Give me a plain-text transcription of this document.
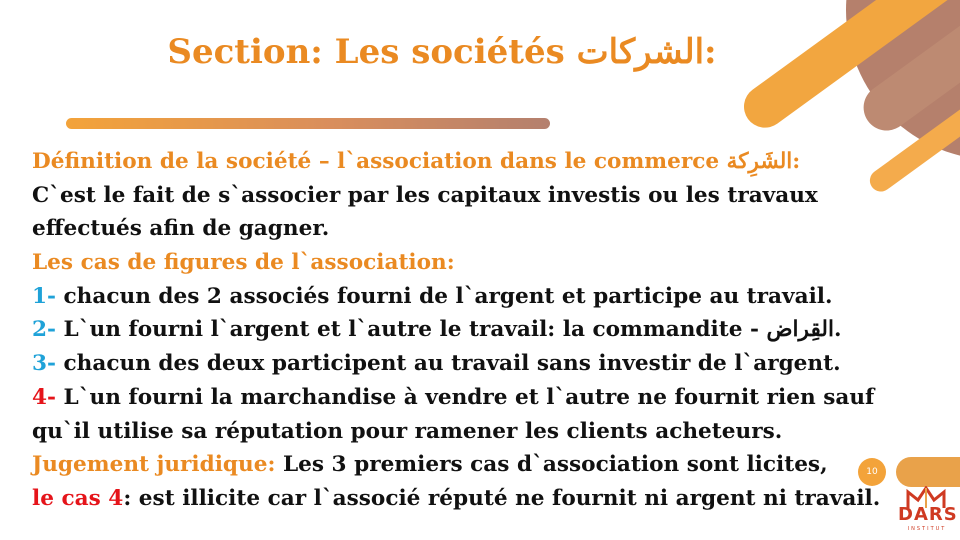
Section: Les sociétés الشركات:
Définition de la société – l`association dans le commerce الشَرِكة:
C`est le fait de s`associer par les capitaux investis ou les travaux
effectués afin de gagner.
Les cas de figures de l`association:
1- chacun des 2 associés fourni de l`argent et participe au travail.
2- L`un fourni l`argent et l`autre le travail: la commandite - القِراض.
3- chacun des deux participent au travail sans investir de l`argent.
4- L`un fourni la marchandise à vendre et l`autre ne fournit rien sauf
qu`il utilise sa réputation pour ramener les clients acheteurs.
Jugement juridique: Les 3 premiers cas d`association sont licites,
le cas 4: est illicite car l`associé réputé ne fournit ni argent ni travail.
10
DARS
INSTITUT
